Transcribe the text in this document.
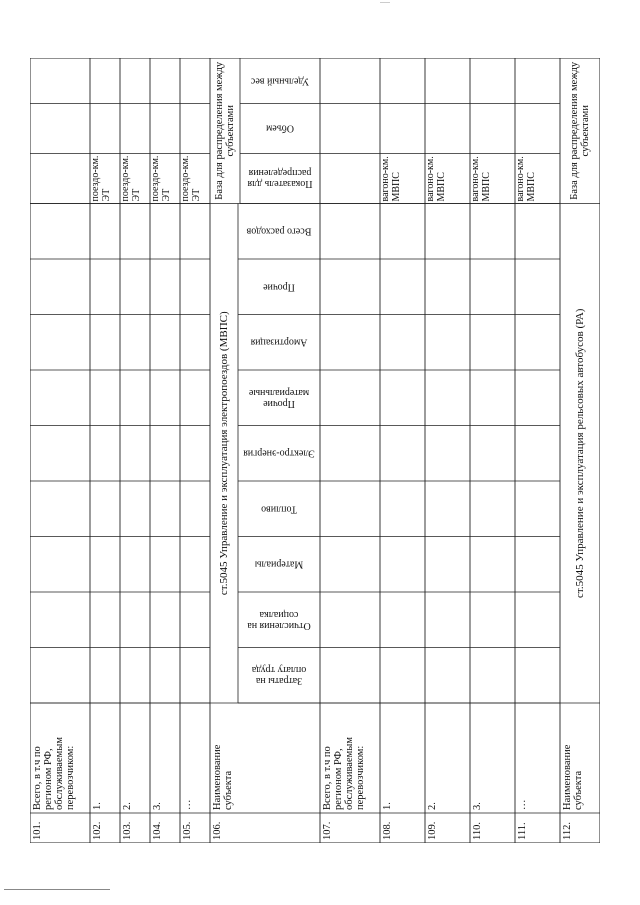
101.
Всего, в т.ч по регионом РФ, обслуживаемым перевозчиком:
102.
1.
поездо-км. ЭТ
103.
2.
поездо-км. ЭТ
104.
3.
поездо-км. ЭТ
105.
…
поездо-км. ЭТ
106.
Наименование субъекта
ст.5045 Управление и эксплуатация электропоездов (МВПС)
Затраты на оплату труда
Отчисления на социалка
Материалы
Топливо
Электро-энергия
Прочие материальные
Амортизация
Прочие
Всего расходов
База для распределения между субъектами
Показатель для распределения
Объем
Удельный вес
107.
Всего, в т.ч по регионом РФ, обслуживаемым перевозчиком:
108.
1.
вагоно-км. МВПС
109.
2.
вагоно-км. МВПС
110.
3.
вагоно-км. МВПС
111.
…
вагоно-км. МВПС
112.
Наименование субъекта
ст.5045 Управление и эксплуатация рельсовых автобусов (РА)
База для распределения между субъектами
